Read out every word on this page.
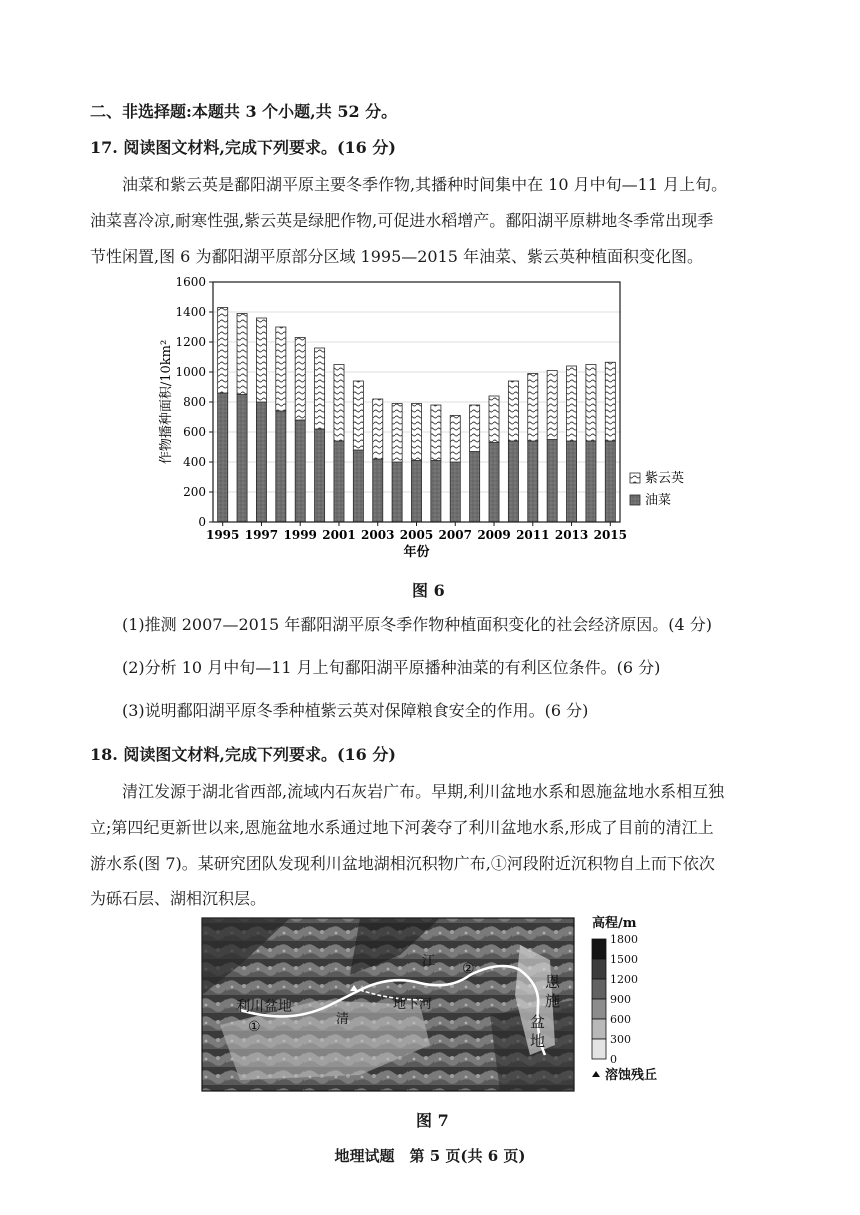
二、非选择题:本题共 3 个小题,共 52 分。
17. 阅读图文材料,完成下列要求。(16 分)
油菜和紫云英是鄱阳湖平原主要冬季作物,其播种时间集中在 10 月中旬—11 月上旬。
油菜喜冷凉,耐寒性强,紫云英是绿肥作物,可促进水稻增产。鄱阳湖平原耕地冬季常出现季
节性闲置,图 6 为鄱阳湖平原部分区域 1995—2015 年油菜、紫云英种植面积变化图。
0
200
400
600
800
1000
1200
1400
1600
1995 1997 1999 2001 2003 2005 2007 2009 2011 2013 2015
作物播种面积/10km²
年份
紫云英
油菜
图 6
(1)推测 2007—2015 年鄱阳湖平原冬季作物种植面积变化的社会经济原因。(4 分)
(2)分析 10 月中旬—11 月上旬鄱阳湖平原播种油菜的有利区位条件。(6 分)
(3)说明鄱阳湖平原冬季种植紫云英对保障粮食安全的作用。(6 分)
18. 阅读图文材料,完成下列要求。(16 分)
清江发源于湖北省西部,流域内石灰岩广布。早期,利川盆地水系和恩施盆地水系相互独
立;第四纪更新世以来,恩施盆地水系通过地下河袭夺了利川盆地水系,形成了目前的清江上
游水系(图 7)。某研究团队发现利川盆地湖相沉积物广布,①河段附近沉积物自上而下依次
为砾石层、湖相沉积层。
利川盆地
①
②
清
江
地下河
恩
施
盆
地
高程/m
1800
1500
1200
900
600
300
0
溶蚀残丘
图 7
地理试题　第 5 页(共 6 页)
